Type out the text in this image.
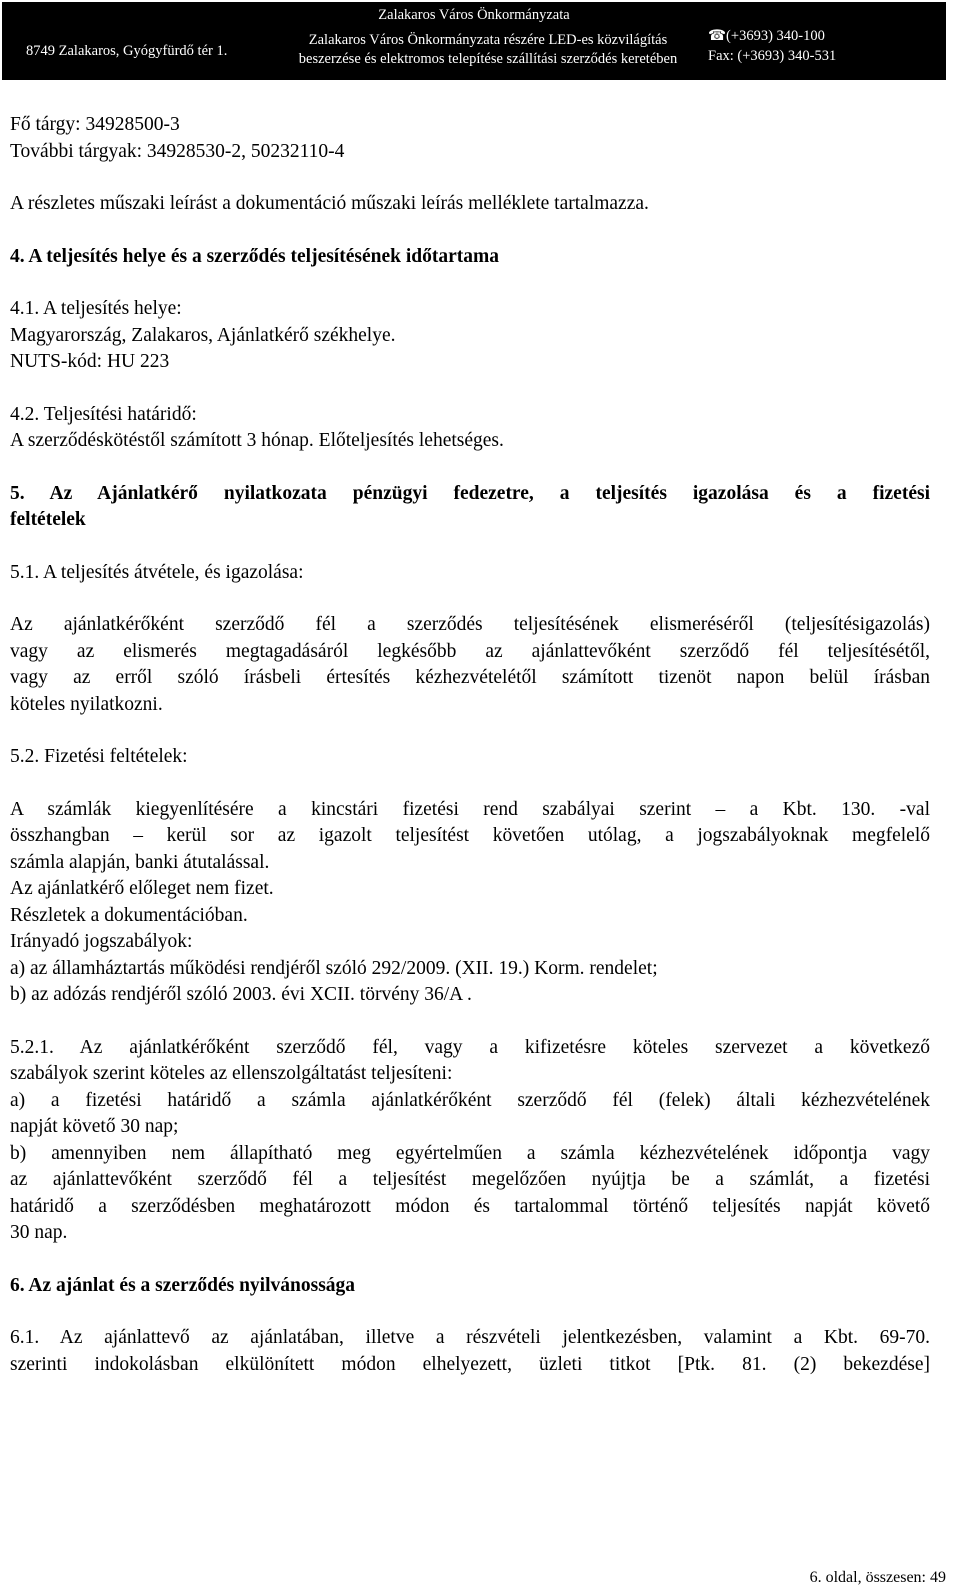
Zalakaros Város Önkormányzata
8749 Zalakaros, Gyógyfürdő tér 1.
Zalakaros Város Önkormányzata részére LED-es közvilágítás
beszerzése és elektromos telepítése szállítási szerződés keretében
☎(+3693) 340-100
Fax: (+3693) 340-531

Fő tárgy: 34928500-3

További tárgyak: 34928530-2, 50232110-4

A részletes műszaki leírást a dokumentáció műszaki leírás melléklete tartalmazza.

4. A teljesítés helye és a szerződés teljesítésének időtartama

4.1. A teljesítés helye:

Magyarország, Zalakaros, Ajánlatkérő székhelye.

NUTS-kód: HU 223

4.2. Teljesítési határidő:

A szerződéskötéstől számított 3 hónap. Előteljesítés lehetséges.

5. Az Ajánlatkérő nyilatkozata pénzügyi fedezetre, a teljesítés igazolása és a fizetési

feltételek

5.1. A teljesítés átvétele, és igazolása:

Az ajánlatkérőként szerződő fél a szerződés teljesítésének elismeréséről (teljesítésigazolás)

vagy az elismerés megtagadásáról legkésőbb az ajánlattevőként szerződő fél teljesítésétől,

vagy az erről szóló írásbeli értesítés kézhezvételétől számított tizenöt napon belül írásban

köteles nyilatkozni.

5.2. Fizetési feltételek:

A számlák kiegyenlítésére a kincstári fizetési rend szabályai szerint – a Kbt. 130. -val

összhangban – kerül sor az igazolt teljesítést követően utólag, a jogszabályoknak megfelelő

számla alapján, banki átutalással.

Az ajánlatkérő előleget nem fizet.

Részletek a dokumentációban.

Irányadó jogszabályok:

a) az államháztartás működési rendjéről szóló 292/2009. (XII. 19.) Korm. rendelet;

b) az adózás rendjéről szóló 2003. évi XCII. törvény 36/A .

5.2.1. Az ajánlatkérőként szerződő fél, vagy a kifizetésre köteles szervezet a következő

szabályok szerint köteles az ellenszolgáltatást teljesíteni:

a) a fizetési határidő a számla ajánlatkérőként szerződő fél (felek) általi kézhezvételének

napját követő 30 nap;

b) amennyiben nem állapítható meg egyértelműen a számla kézhezvételének időpontja vagy

az ajánlattevőként szerződő fél a teljesítést megelőzően nyújtja be a számlát, a fizetési

határidő a szerződésben meghatározott módon és tartalommal történő teljesítés napját követő

30 nap.

6. Az ajánlat és a szerződés nyilvánossága

6.1. Az ajánlattevő az ajánlatában, illetve a részvételi jelentkezésben, valamint a Kbt. 69-70.

szerinti indokolásban elkülönített módon elhelyezett, üzleti titkot [Ptk. 81. (2) bekezdése]

6. oldal, összesen: 49
